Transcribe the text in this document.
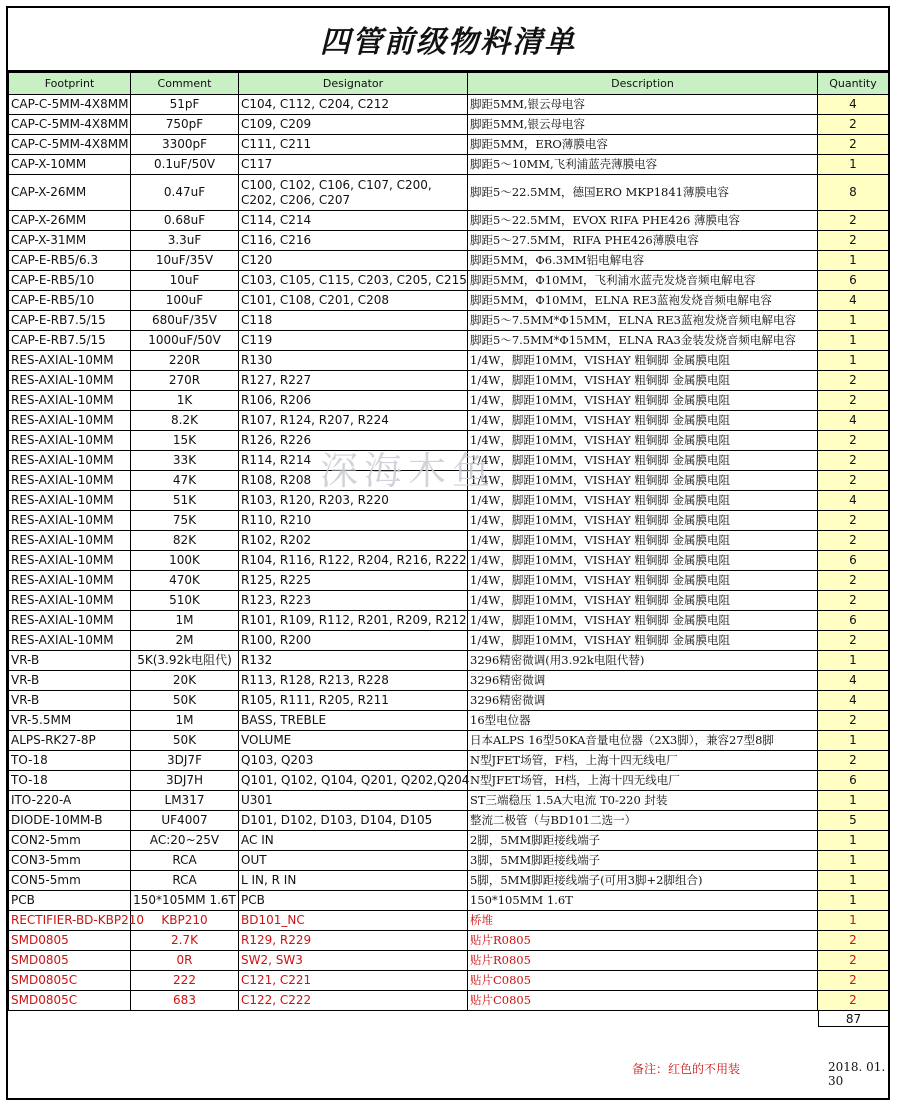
四管前级物料清单
Footprint	Comment	Designator	Description	Quantity
CAP-C-5MM-4X8MM	51pF	C104, C112, C204, C212	脚距5MM,银云母电容	4
CAP-C-5MM-4X8MM	750pF	C109, C209	脚距5MM,银云母电容	2
CAP-C-5MM-4X8MM	3300pF	C111, C211	脚距5MM，ERO薄膜电容	2
CAP-X-10MM	0.1uF/50V	C117	脚距5～10MM,飞利浦蓝壳薄膜电容	1
CAP-X-26MM	0.47uF	C100, C102, C106, C107, C200, C202, C206, C207	脚距5～22.5MM，德国ERO MKP1841薄膜电容	8
CAP-X-26MM	0.68uF	C114, C214	脚距5～22.5MM，EVOX RIFA PHE426 薄膜电容	2
CAP-X-31MM	3.3uF	C116, C216	脚距5～27.5MM，RIFA PHE426薄膜电容	2
CAP-E-RB5/6.3	10uF/35V	C120	脚距5MM，Φ6.3MM铝电解电容	1
CAP-E-RB5/10	10uF	C103, C105, C115, C203, C205, C215	脚距5MM，Φ10MM，飞利浦水蓝壳发烧音频电解电容	6
CAP-E-RB5/10	100uF	C101, C108, C201, C208	脚距5MM，Φ10MM，ELNA RE3蓝袍发烧音频电解电容	4
CAP-E-RB7.5/15	680uF/35V	C118	脚距5～7.5MM*Φ15MM，ELNA RE3蓝袍发烧音频电解电容	1
CAP-E-RB7.5/15	1000uF/50V	C119	脚距5～7.5MM*Φ15MM，ELNA RA3金装发烧音频电解电容	1
RES-AXIAL-10MM	220R	R130	1/4W，脚距10MM，VISHAY 粗铜脚 金属膜电阻	1
RES-AXIAL-10MM	270R	R127, R227	1/4W，脚距10MM，VISHAY 粗铜脚 金属膜电阻	2
RES-AXIAL-10MM	1K	R106, R206	1/4W，脚距10MM，VISHAY 粗铜脚 金属膜电阻	2
RES-AXIAL-10MM	8.2K	R107, R124, R207, R224	1/4W，脚距10MM，VISHAY 粗铜脚 金属膜电阻	4
RES-AXIAL-10MM	15K	R126, R226	1/4W，脚距10MM，VISHAY 粗铜脚 金属膜电阻	2
RES-AXIAL-10MM	33K	R114, R214	1/4W，脚距10MM，VISHAY 粗铜脚 金属膜电阻	2
RES-AXIAL-10MM	47K	R108, R208	1/4W，脚距10MM，VISHAY 粗铜脚 金属膜电阻	2
RES-AXIAL-10MM	51K	R103, R120, R203, R220	1/4W，脚距10MM，VISHAY 粗铜脚 金属膜电阻	4
RES-AXIAL-10MM	75K	R110, R210	1/4W，脚距10MM，VISHAY 粗铜脚 金属膜电阻	2
RES-AXIAL-10MM	82K	R102, R202	1/4W，脚距10MM，VISHAY 粗铜脚 金属膜电阻	2
RES-AXIAL-10MM	100K	R104, R116, R122, R204, R216, R222	1/4W，脚距10MM，VISHAY 粗铜脚 金属膜电阻	6
RES-AXIAL-10MM	470K	R125, R225	1/4W，脚距10MM，VISHAY 粗铜脚 金属膜电阻	2
RES-AXIAL-10MM	510K	R123, R223	1/4W，脚距10MM，VISHAY 粗铜脚 金属膜电阻	2
RES-AXIAL-10MM	1M	R101, R109, R112, R201, R209, R212	1/4W，脚距10MM，VISHAY 粗铜脚 金属膜电阻	6
RES-AXIAL-10MM	2M	R100, R200	1/4W，脚距10MM，VISHAY 粗铜脚 金属膜电阻	2
VR-B	5K(3.92k电阻代)	R132	3296精密微调(用3.92k电阻代替)	1
VR-B	20K	R113, R128, R213, R228	3296精密微调	4
VR-B	50K	R105, R111, R205, R211	3296精密微调	4
VR-5.5MM	1M	BASS, TREBLE	16型电位器	2
ALPS-RK27-8P	50K	VOLUME	日本ALPS 16型50KA音量电位器（2X3脚），兼容27型8脚	1
TO-18	3DJ7F	Q103, Q203	N型JFET场管，F档，上海十四无线电厂	2
TO-18	3DJ7H	Q101, Q102, Q104, Q201, Q202,Q204	N型JFET场管，H档，上海十四无线电厂	6
ITO-220-A	LM317	U301	ST三端稳压 1.5A大电流 T0-220 封装	1
DIODE-10MM-B	UF4007	D101, D102, D103, D104, D105	整流二极管（与BD101二选一）	5
CON2-5mm	AC:20~25V	AC IN	2脚，5MM脚距接线端子	1
CON3-5mm	RCA	OUT	3脚，5MM脚距接线端子	1
CON5-5mm	RCA	L IN, R IN	5脚，5MM脚距接线端子(可用3脚+2脚组合)	1
PCB	150*105MM 1.6T	PCB	150*105MM 1.6T	1
RECTIFIER-BD-KBP210	KBP210	BD101_NC	桥堆	1
SMD0805	2.7K	R129, R229	贴片R0805	2
SMD0805	0R	SW2, SW3	贴片R0805	2
SMD0805C	222	C121, C221	贴片C0805	2
SMD0805C	683	C122, C222	贴片C0805	2
87
备注：红色的不用装	2018. 01. 30
深海木鱼
